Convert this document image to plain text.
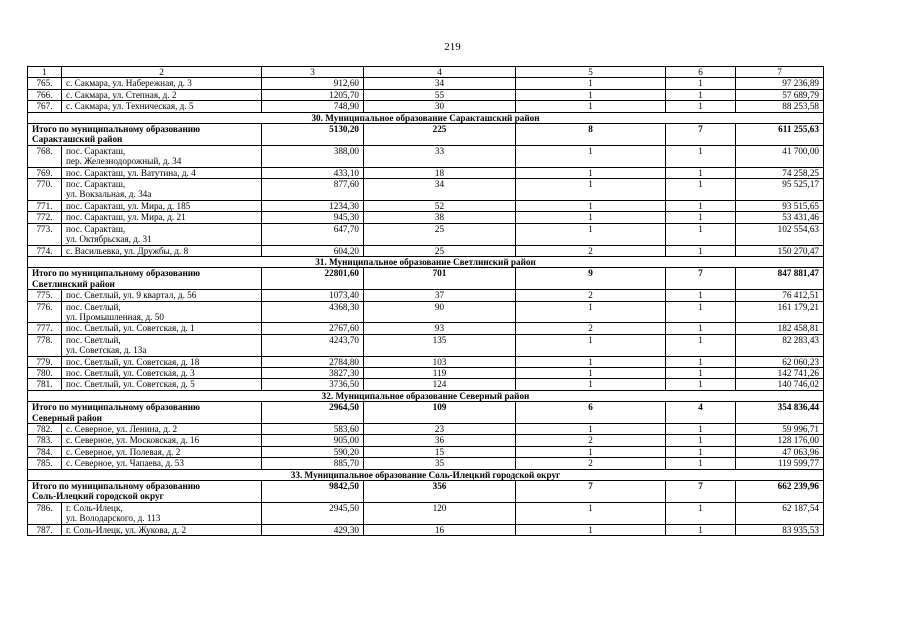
219
1	2	3	4	5	6	7
765.	с. Сакмара, ул. Набережная, д. 3	912,60	34	1	1	97 236,89
766.	с. Сакмара, ул. Степная, д. 2	1205,70	55	1	1	57 689,79
767.	с. Сакмара, ул. Техническая, д. 5	748,90	30	1	1	88 253,58
30. Муниципальное образование Саракташский район						
Итого по муниципальному образованию
Саракташский район		5130,20	225	8	7	611 255,63
768.	пос. Саракташ,
пер. Железнодорожный, д. 34	388,00	33	1	1	41 700,00
769.	пос. Саракташ, ул. Ватутина, д. 4	433,10	18	1	1	74 258,25
770.	пос. Саракташ,
ул. Вокзальная, д. 34а	877,60	34	1	1	95 525,17
771.	пос. Саракташ, ул. Мира, д. 185	1234,30	52	1	1	93 515,65
772.	пос. Саракташ, ул. Мира, д. 21	945,30	38	1	1	53 431,46
773.	пос. Саракташ,
ул. Октябрьская, д. 31	647,70	25	1	1	102 554,63
774.	с. Васильевка, ул. Дружбы, д. 8	604,20	25	2	1	150 270,47
31. Муниципальное образование Светлинский район						
Итого по муниципальному образованию
Светлинский район		22801,60	701	9	7	847 881,47
775.	пос. Светлый, ул. 9 квартал, д. 56	1073,40	37	2	1	76 412,51
776.	пос. Светлый,
ул. Промышленная, д. 50	4368,30	90	1	1	161 179,21
777.	пос. Светлый, ул. Советская, д. 1	2767,60	93	2	1	182 458,81
778.	пос. Светлый,
ул. Советская, д. 13а	4243,70	135	1	1	82 283,43
779.	пос. Светлый, ул. Советская, д. 18	2784,80	103	1	1	62 060,23
780.	пос. Светлый, ул. Советская, д. 3	3827,30	119	1	1	142 741,26
781.	пос. Светлый, ул. Советская, д. 5	3736,50	124	1	1	140 746,02
32. Муниципальное образование Северный район						
Итого по муниципальному образованию
Северный район		2964,50	109	6	4	354 836,44
782.	с. Северное, ул. Ленина, д. 2	583,60	23	1	1	59 996,71
783.	с. Северное, ул. Московская, д. 16	905,00	36	2	1	128 176,00
784.	с. Северное, ул. Полевая, д. 2	590,20	15	1	1	47 063,96
785.	с. Северное, ул. Чапаева, д. 53	885,70	35	2	1	119 599,77
33. Муниципальное образование Соль-Илецкий городской округ						
Итого по муниципальному образованию
Соль-Илецкий городской округ		9842,50	356	7	7	662 239,96
786.	г. Соль-Илецк,
ул. Володарского, д. 113	2945,50	120	1	1	62 187,54
787.	г. Соль-Илецк, ул. Жукова, д. 2	429,30	16	1	1	83 935,53
